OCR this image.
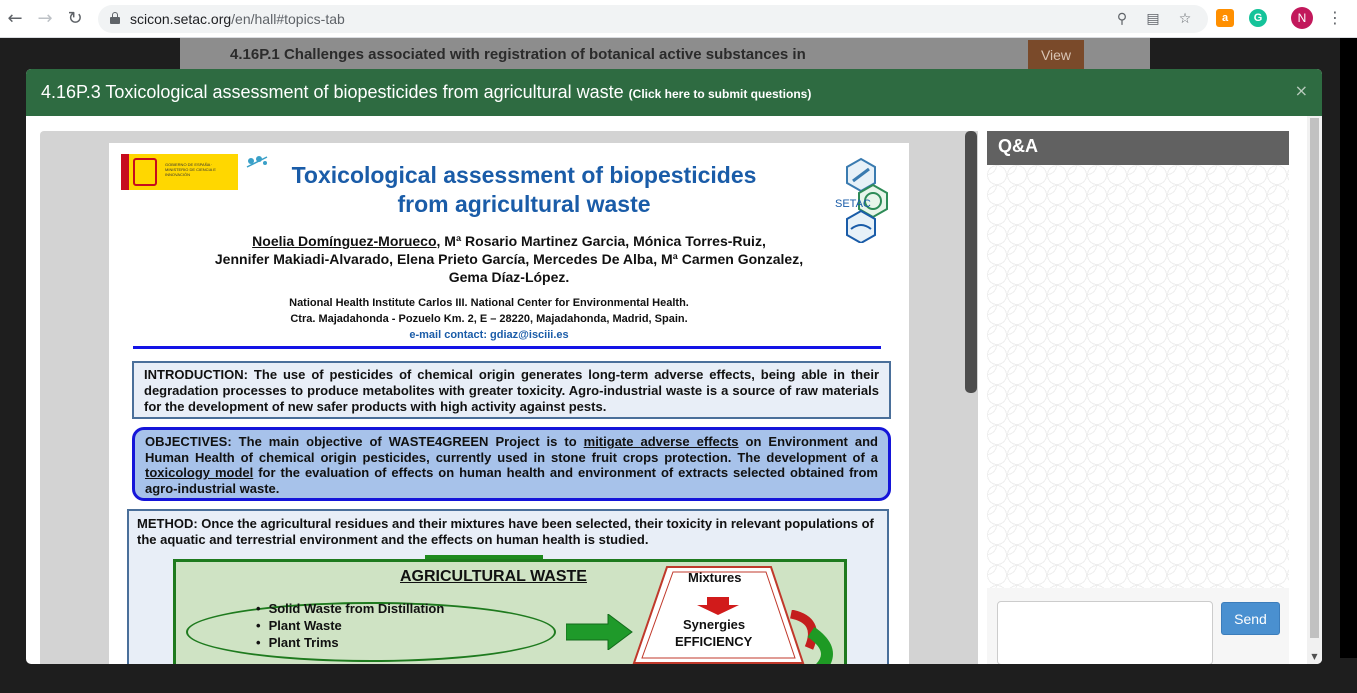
← → ↻	scicon.setac.org/en/hall#topics-tab	⚲	▤ ☆	a	G	N	⋮
4.16P.1 Challenges associated with registration of botanical active substances in	View
4.16P.3 Toxicological assessment of biopesticides from agricultural waste (Click here to submit questions)	×
GOBIERNO DE ESPAÑA · MINISTERIO DE CIENCIA E INNOVACIÓN	Toxicological assessment of biopesticides
from agricultural waste	SETAC
Noelia Domínguez-Morueco, Mª Rosario Martinez Garcia, Mónica Torres-Ruiz,
Jennifer Makiadi-Alvarado, Elena Prieto García, Mercedes De Alba, Mª Carmen Gonzalez,
Gema Díaz-López.
National Health Institute Carlos III. National Center for Environmental Health.
Ctra. Majadahonda - Pozuelo Km. 2, E – 28220, Majadahonda, Madrid, Spain.
e-mail contact: gdiaz@isciii.es
INTRODUCTION: The use of pesticides of chemical origin generates long-term adverse effects, being able in their degradation processes to produce metabolites with greater toxicity. Agro-industrial waste is a source of raw materials for the development of new safer products with high activity against pests.
OBJECTIVES: The main objective of WASTE4GREEN Project is to mitigate adverse effects on Environment and Human Health of chemical origin pesticides, currently used in stone fruit crops protection. The development of a toxicology model for the evaluation of effects on human health and environment of extracts selected obtained from agro-industrial waste.
METHOD: Once the agricultural residues and their mixtures have been selected, their toxicity in relevant populations of the aquatic and terrestrial environment and the effects on human health is studied.
AGRICULTURAL WASTE
• Solid Waste from Distillation
• Plant Waste
• Plant Trims
Mixtures
Synergies
EFFICIENCY
Q&A
Send
▼
